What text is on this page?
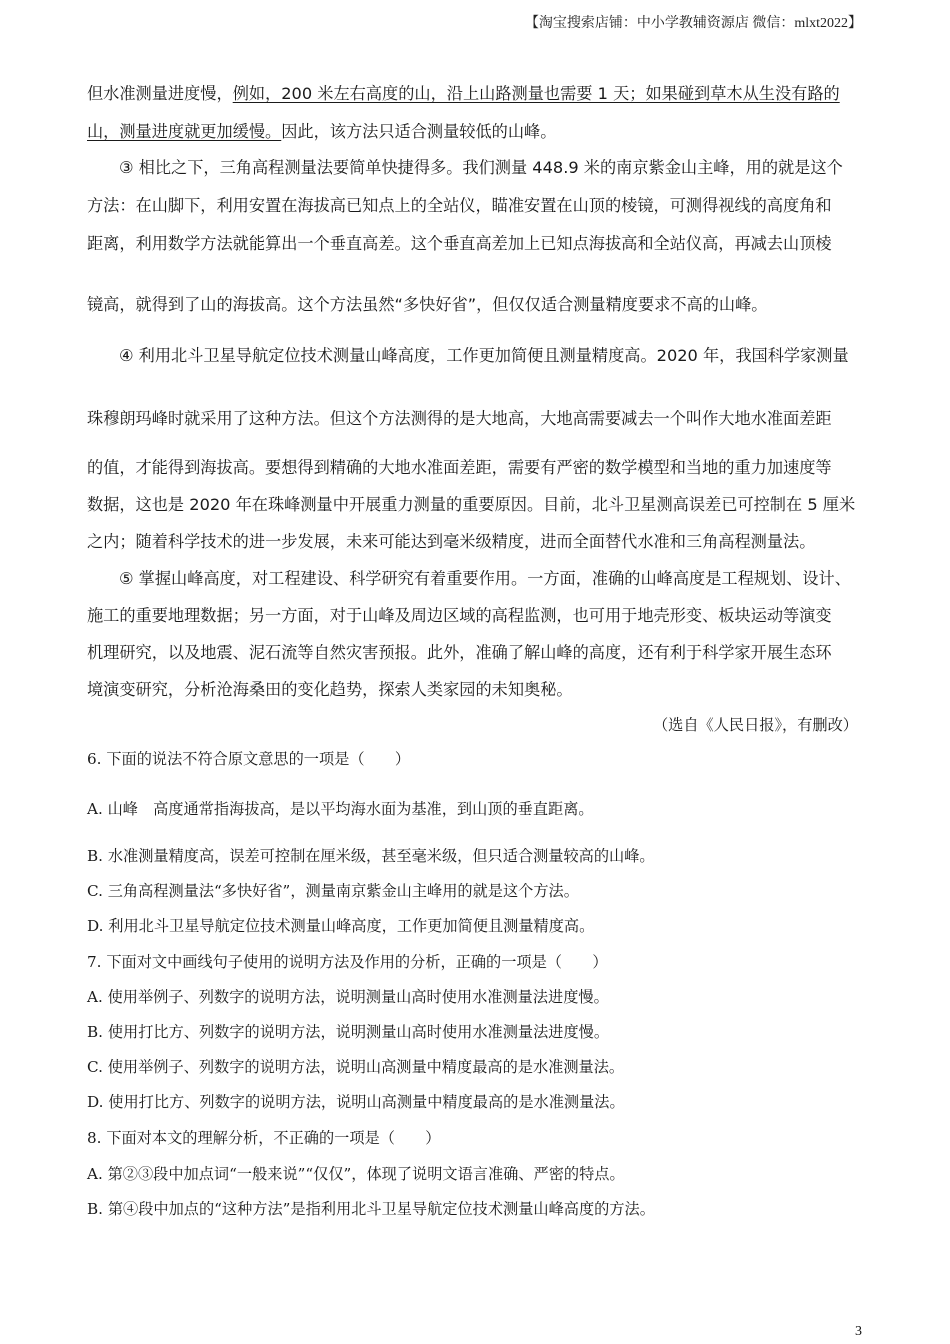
【淘宝搜索店铺：中小学教辅资源店 微信：mlxt2022】
但水准测量进度慢，例如，200 米左右高度的山，沿上山路测量也需要 1 天；如果碰到草木从生没有路的
山，测量进度就更加缓慢。因此，该方法只适合测量较低的山峰。
③ 相比之下，三角高程测量法要简单快捷得多。我们测量 448.9 米的南京紫金山主峰，用的就是这个
方法：在山脚下，利用安置在海拔高已知点上的全站仪，瞄准安置在山顶的棱镜，可测得视线的高度角和
距离，利用数学方法就能算出一个垂直高差。这个垂直高差加上已知点海拔高和全站仪高，再减去山顶棱
镜高，就得到了山的海拔高。这个方法虽然“多快好省”，但仅仅适合测量精度要求不高的山峰。
④ 利用北斗卫星导航定位技术测量山峰高度，工作更加简便且测量精度高。2020 年，我国科学家测量
珠穆朗玛峰时就采用了这种方法。但这个方法测得的是大地高，大地高需要减去一个叫作大地水准面差距
的值，才能得到海拔高。要想得到精确的大地水准面差距，需要有严密的数学模型和当地的重力加速度等
数据，这也是 2020 年在珠峰测量中开展重力测量的重要原因。目前，北斗卫星测高误差已可控制在 5 厘米
之内；随着科学技术的进一步发展，未来可能达到毫米级精度，进而全面替代水准和三角高程测量法。
⑤ 掌握山峰高度，对工程建设、科学研究有着重要作用。一方面，准确的山峰高度是工程规划、设计、
施工的重要地理数据；另一方面，对于山峰及周边区域的高程监测，也可用于地壳形变、板块运动等演变
机理研究，以及地震、泥石流等自然灾害预报。此外，准确了解山峰的高度，还有利于科学家开展生态环
境演变研究，分析沧海桑田的变化趋势，探索人类家园的未知奥秘。
（选自《人民日报》，有删改）
6. 下面的说法不符合原文意思的一项是（　　）
A. 山峰　高度通常指海拔高，是以平均海水面为基准，到山顶的垂直距离。
B. 水准测量精度高，误差可控制在厘米级，甚至毫米级，但只适合测量较高的山峰。
C. 三角高程测量法“多快好省”，测量南京紫金山主峰用的就是这个方法。
D. 利用北斗卫星导航定位技术测量山峰高度，工作更加简便且测量精度高。
7. 下面对文中画线句子使用的说明方法及作用的分析，正确的一项是（　　）
A. 使用举例子、列数字的说明方法，说明测量山高时使用水准测量法进度慢。
B. 使用打比方、列数字的说明方法，说明测量山高时使用水准测量法进度慢。
C. 使用举例子、列数字的说明方法，说明山高测量中精度最高的是水准测量法。
D. 使用打比方、列数字的说明方法，说明山高测量中精度最高的是水准测量法。
8. 下面对本文的理解分析，不正确的一项是（　　）
A. 第②③段中加点词“一般来说”“仅仅”，体现了说明文语言准确、严密的特点。
B. 第④段中加点的“这种方法”是指利用北斗卫星导航定位技术测量山峰高度的方法。
3
